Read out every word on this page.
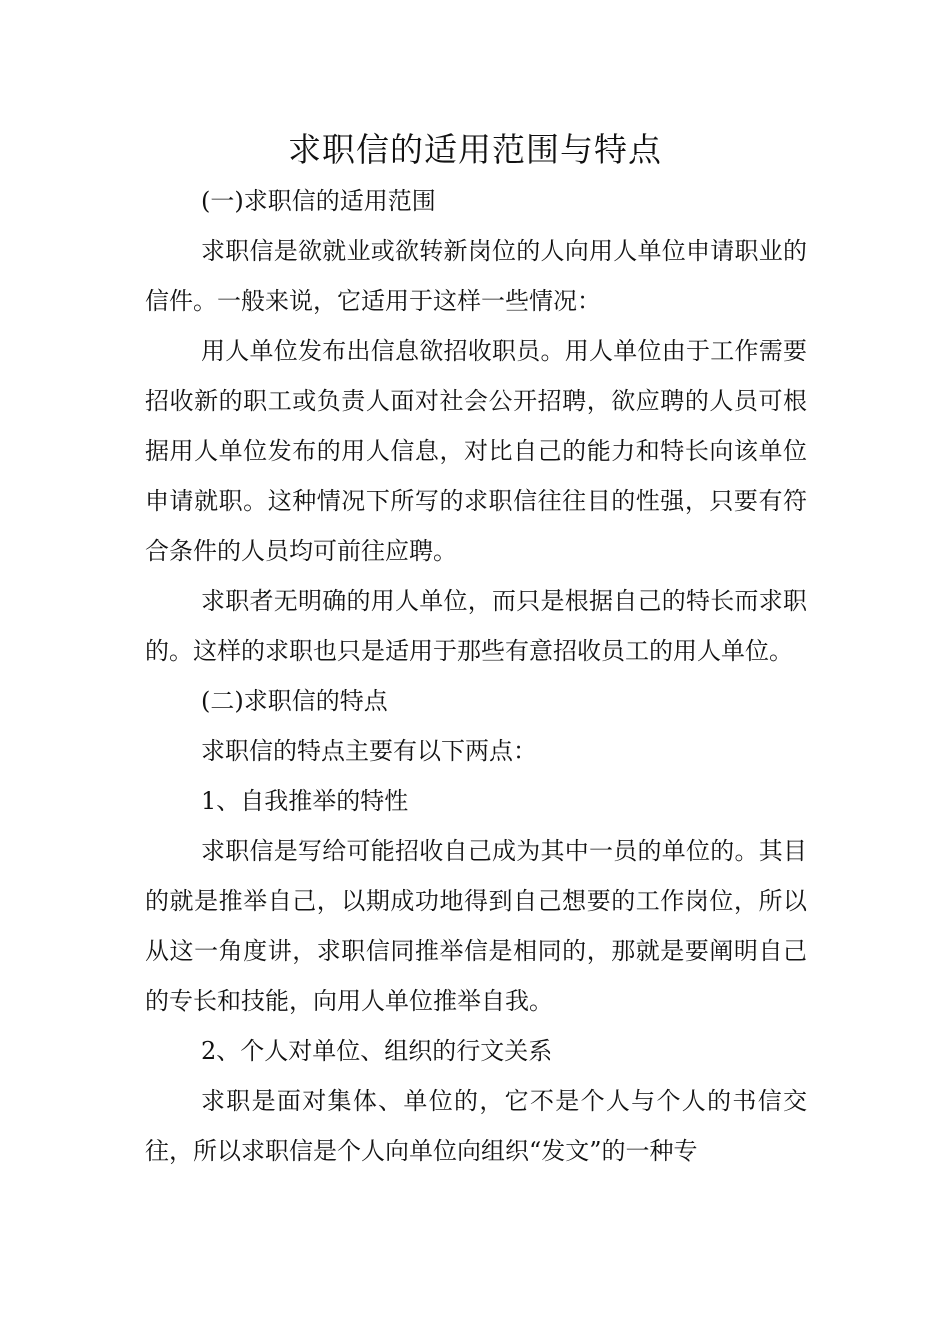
求职信的适用范围与特点

(一)求职信的适用范围

求职信是欲就业或欲转新岗位的人向用人单位申请职业的信件。一般来说，它适用于这样一些情况：

用人单位发布出信息欲招收职员。用人单位由于工作需要招收新的职工或负责人面对社会公开招聘，欲应聘的人员可根据用人单位发布的用人信息，对比自己的能力和特长向该单位申请就职。这种情况下所写的求职信往往目的性强，只要有符合条件的人员均可前往应聘。

求职者无明确的用人单位，而只是根据自己的特长而求职的。这样的求职也只是适用于那些有意招收员工的用人单位。

(二)求职信的特点

求职信的特点主要有以下两点：

1、自我推举的特性

求职信是写给可能招收自己成为其中一员的单位的。其目的就是推举自己，以期成功地得到自己想要的工作岗位，所以从这一角度讲，求职信同推举信是相同的，那就是要阐明自己的专长和技能，向用人单位推举自我。

2、个人对单位、组织的行文关系

求职是面对集体、单位的，它不是个人与个人的书信交往，所以求职信是个人向单位向组织“发文”的一种专
